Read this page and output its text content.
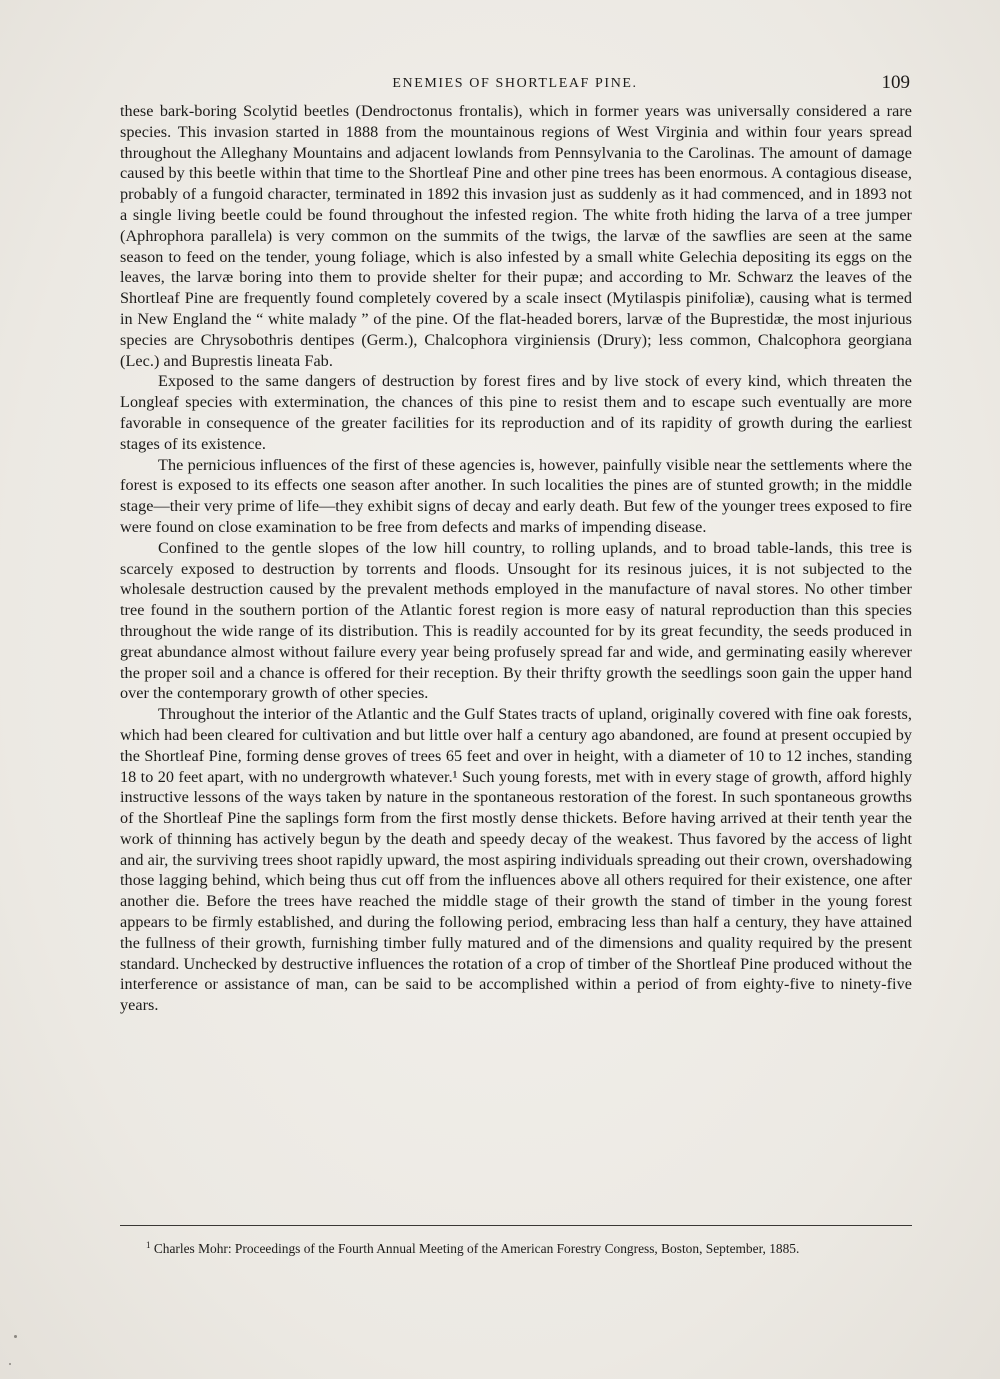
ENEMIES OF SHORTLEAF PINE.	109

these bark-boring Scolytid beetles (Dendroctonus frontalis), which in former years was universally considered a rare species. This invasion started in 1888 from the mountainous regions of West Virginia and within four years spread throughout the Alleghany Mountains and adjacent lowlands from Pennsylvania to the Carolinas. The amount of damage caused by this beetle within that time to the Shortleaf Pine and other pine trees has been enormous. A contagious disease, probably of a fungoid character, terminated in 1892 this invasion just as suddenly as it had commenced, and in 1893 not a single living beetle could be found throughout the infested region. The white froth hiding the larva of a tree jumper (Aphrophora parallela) is very common on the summits of the twigs, the larvæ of the sawflies are seen at the same season to feed on the tender, young foliage, which is also infested by a small white Gelechia depositing its eggs on the leaves, the larvæ boring into them to provide shelter for their pupæ; and according to Mr. Schwarz the leaves of the Shortleaf Pine are frequently found completely covered by a scale insect (Mytilaspis pinifoliæ), causing what is termed in New England the “ white malady ” of the pine. Of the flat-headed borers, larvæ of the Buprestidæ, the most injurious species are Chrysobothris dentipes (Germ.), Chalcophora virginiensis (Drury); less common, Chalcophora georgiana (Lec.) and Buprestis lineata Fab.

Exposed to the same dangers of destruction by forest fires and by live stock of every kind, which threaten the Longleaf species with extermination, the chances of this pine to resist them and to escape such eventually are more favorable in consequence of the greater facilities for its reproduction and of its rapidity of growth during the earliest stages of its existence.

The pernicious influences of the first of these agencies is, however, painfully visible near the settlements where the forest is exposed to its effects one season after another. In such localities the pines are of stunted growth; in the middle stage—their very prime of life—they exhibit signs of decay and early death. But few of the younger trees exposed to fire were found on close examination to be free from defects and marks of impending disease.

Confined to the gentle slopes of the low hill country, to rolling uplands, and to broad table-lands, this tree is scarcely exposed to destruction by torrents and floods. Unsought for its resinous juices, it is not subjected to the wholesale destruction caused by the prevalent methods employed in the manufacture of naval stores. No other timber tree found in the southern portion of the Atlantic forest region is more easy of natural reproduction than this species throughout the wide range of its distribution. This is readily accounted for by its great fecundity, the seeds produced in great abundance almost without failure every year being profusely spread far and wide, and germinating easily wherever the proper soil and a chance is offered for their reception. By their thrifty growth the seedlings soon gain the upper hand over the contemporary growth of other species.

Throughout the interior of the Atlantic and the Gulf States tracts of upland, originally covered with fine oak forests, which had been cleared for cultivation and but little over half a century ago abandoned, are found at present occupied by the Shortleaf Pine, forming dense groves of trees 65 feet and over in height, with a diameter of 10 to 12 inches, standing 18 to 20 feet apart, with no undergrowth whatever.¹ Such young forests, met with in every stage of growth, afford highly instructive lessons of the ways taken by nature in the spontaneous restoration of the forest. In such spontaneous growths of the Shortleaf Pine the saplings form from the first mostly dense thickets. Before having arrived at their tenth year the work of thinning has actively begun by the death and speedy decay of the weakest. Thus favored by the access of light and air, the surviving trees shoot rapidly upward, the most aspiring individuals spreading out their crown, overshadowing those lagging behind, which being thus cut off from the influences above all others required for their existence, one after another die. Before the trees have reached the middle stage of their growth the stand of timber in the young forest appears to be firmly established, and during the following period, embracing less than half a century, they have attained the fullness of their growth, furnishing timber fully matured and of the dimensions and quality required by the present standard. Unchecked by destructive influences the rotation of a crop of timber of the Shortleaf Pine produced without the interference or assistance of man, can be said to be accomplished within a period of from eighty-five to ninety-five years.

$^1$ Charles Mohr: Proceedings of the Fourth Annual Meeting of the American Forestry Congress, Boston, September, 1885.
